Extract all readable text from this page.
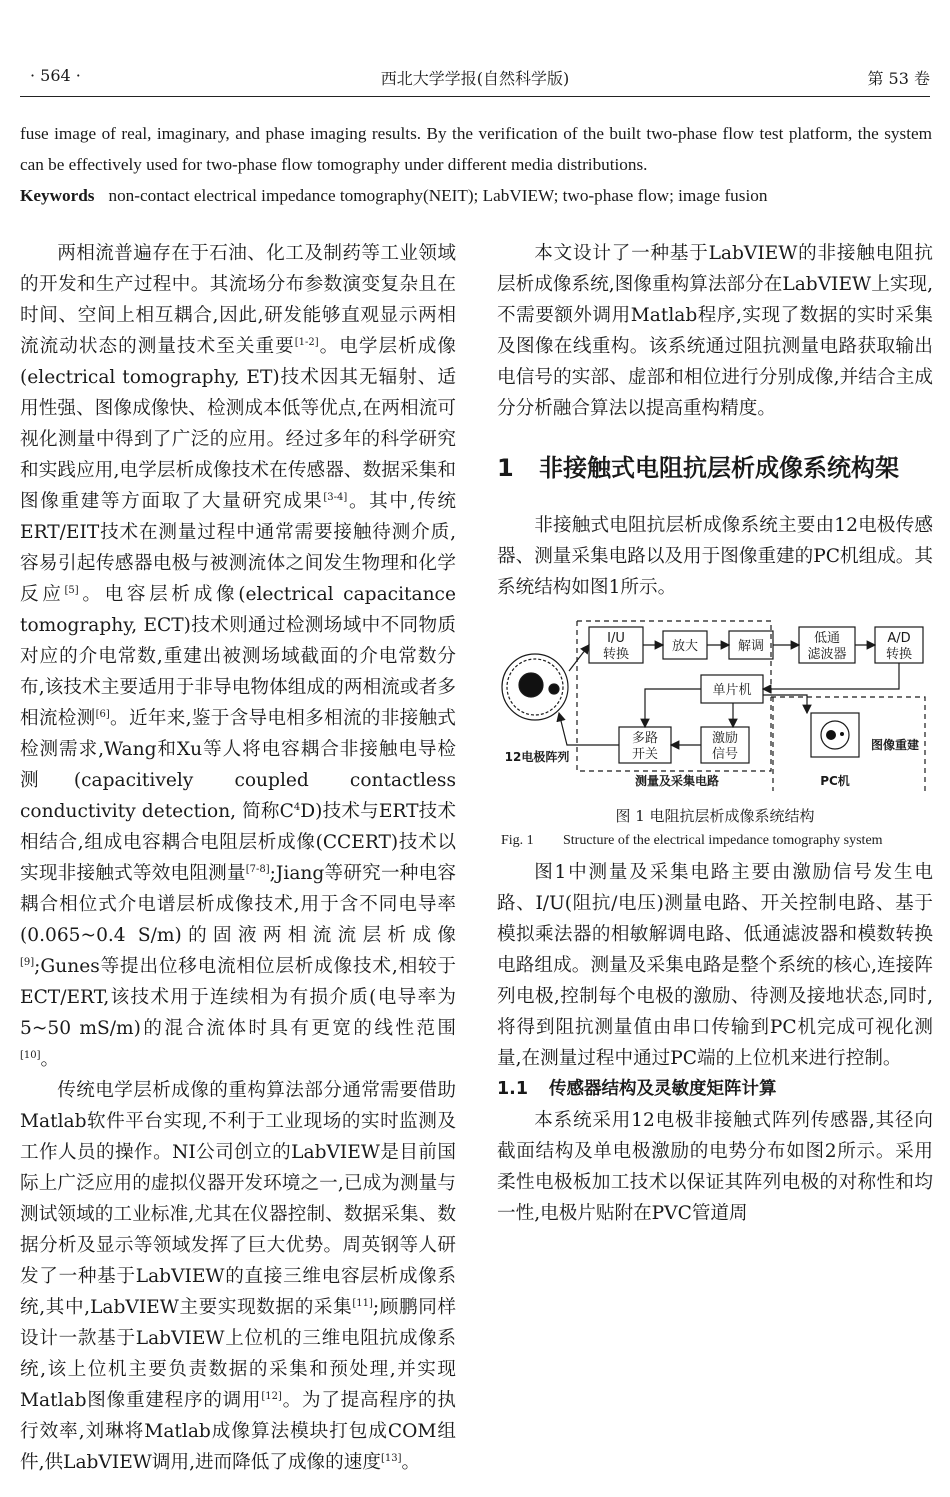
· 564 ·	西北大学学报(自然科学版)	第 53 卷

fuse image of real, imaginary, and phase imaging results. By the verification of the built two-phase flow test platform, the system can be effectively used for two-phase flow tomography under different media distributions.

Keywords non-contact electrical impedance tomography(NEIT); LabVIEW; two-phase flow; image fusion

两相流普遍存在于石油、化工及制药等工业领域的开发和生产过程中。其流场分布参数演变复杂且在时间、空间上相互耦合,因此,研发能够直观显示两相流流动状态的测量技术至关重要[1-2]。电学层析成像(electrical tomography, ET)技术因其无辐射、适用性强、图像成像快、检测成本低等优点,在两相流可视化测量中得到了广泛的应用。经过多年的科学研究和实践应用,电学层析成像技术在传感器、数据采集和图像重建等方面取了大量研究成果[3-4]。其中,传统ERT/EIT技术在测量过程中通常需要接触待测介质,容易引起传感器电极与被测流体之间发生物理和化学反应[5]。电容层析成像(electrical capacitance tomography, ECT)技术则通过检测场域中不同物质对应的介电常数,重建出被测场域截面的介电常数分布,该技术主要适用于非导电物体组成的两相流或者多相流检测[6]。近年来,鉴于含导电相多相流的非接触式检测需求,Wang和Xu等人将电容耦合非接触电导检测(capacitively coupled contactless conductivity detection, 简称$C^4D$)技术与ERT技术相结合,组成电容耦合电阻层析成像(CCERT)技术以实现非接触式等效电阻测量[7-8];Jiang等研究一种电容耦合相位式介电谱层析成像技术,用于含不同电导率(0.065~0.4 S/m)的固液两相流流层析成像[9];Gunes等提出位移电流相位层析成像技术,相较于ECT/ERT,该技术用于连续相为有损介质(电导率为5~50 mS/m)的混合流体时具有更宽的线性范围[10]。

传统电学层析成像的重构算法部分通常需要借助Matlab软件平台实现,不利于工业现场的实时监测及工作人员的操作。NI公司创立的LabVIEW是目前国际上广泛应用的虚拟仪器开发环境之一,已成为测量与测试领域的工业标准,尤其在仪器控制、数据采集、数据分析及显示等领域发挥了巨大优势。周英钢等人研发了一种基于LabVIEW的直接三维电容层析成像系统,其中,LabVIEW主要实现数据的采集[11];顾鹏同样设计一款基于LabVIEW上位机的三维电阻抗成像系统,该上位机主要负责数据的采集和预处理,并实现Matlab图像重建程序的调用[12]。为了提高程序的执行效率,刘琳将Matlab成像算法模块打包成COM组件,供LabVIEW调用,进而降低了成像的速度[13]。

本文设计了一种基于LabVIEW的非接触电阻抗层析成像系统,图像重构算法部分在LabVIEW上实现,不需要额外调用Matlab程序,实现了数据的实时采集及图像在线重构。该系统通过阻抗测量电路获取输出电信号的实部、虚部和相位进行分别成像,并结合主成分分析融合算法以提高重构精度。

1	非接触式电阻抗层析成像系统构架

非接触式电阻抗层析成像系统主要由12电极传感器、测量采集电路以及用于图像重建的PC机组成。其系统结构如图1所示。

I/U
转换
放大	解调
低通
滤波器
A/D
转换
单片机
多路
开关
激励
信号
12电极阵列
测量及采集电路	PC机
图像重建
图 1 电阻抗层析成像系统结构
Fig. 1	Structure of the electrical impedance tomography system

图1中测量及采集电路主要由激励信号发生电路、I/U(阻抗/电压)测量电路、开关控制电路、基于模拟乘法器的相敏解调电路、低通滤波器和模数转换电路组成。测量及采集电路是整个系统的核心,连接阵列电极,控制每个电极的激励、待测及接地状态,同时,将得到阻抗测量值由串口传输到PC机完成可视化测量,在测量过程中通过PC端的上位机来进行控制。

1.1	传感器结构及灵敏度矩阵计算

本系统采用12电极非接触式阵列传感器,其径向截面结构及单电极激励的电势分布如图2所示。采用柔性电极板加工技术以保证其阵列电极的对称性和均一性,电极片贴附在PVC管道周
